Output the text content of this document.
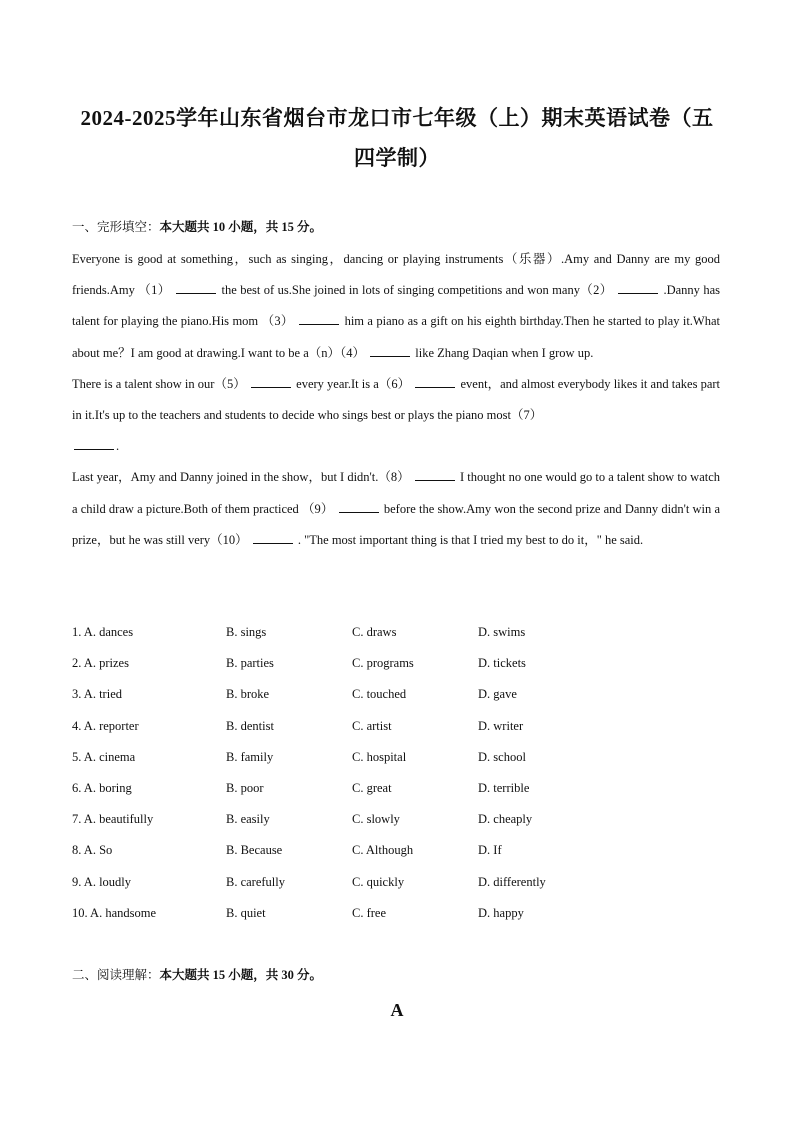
2024-2025学年山东省烟台市龙口市七年级（上）期末英语试卷（五
四学制）
一、完形填空：本大题共 10 小题，共 15 分。

Everyone is good at something，such as singing，dancing or playing instruments（乐器）.Amy and Danny are my good friends.Amy （1）	the best of us.She joined in lots of singing competitions and won many（2）	.Danny has talent for playing the piano.His mom （3）	him a piano as a gift on his eighth birthday.Then he started to play it.What about me？I am good at drawing.I want to be a（n）（4）	like Zhang Daqian when I grow up.

There is a talent show in our（5）	every year.It is a（6）	event，and almost everybody likes it and takes part in it.It's up to the teachers and students to decide who sings best or plays the piano most（7）
.

Last year，Amy and Danny joined in the show，but I didn't.（8）	I thought no one would go to a talent show to watch a child draw a picture.Both of them practiced （9）	before the show.Amy won the second prize and Danny didn't win a prize，but he was still very（10）	. "The most important thing is that I tried my best to do it，" he said.

1. A. dances	B. sings	C. draws	D. swims
2. A. prizes	B. parties	C. programs	D. tickets
3. A. tried	B. broke	C. touched	D. gave
4. A. reporter	B. dentist	C. artist	D. writer
5. A. cinema	B. family	C. hospital	D. school
6. A. boring	B. poor	C. great	D. terrible
7. A. beautifully	B. easily	C. slowly	D. cheaply
8. A. So	B. Because	C. Although	D. If
9. A. loudly	B. carefully	C. quickly	D. differently
10. A. handsome	B. quiet	C. free	D. happy
二、阅读理解：本大题共 15 小题，共 30 分。
A
